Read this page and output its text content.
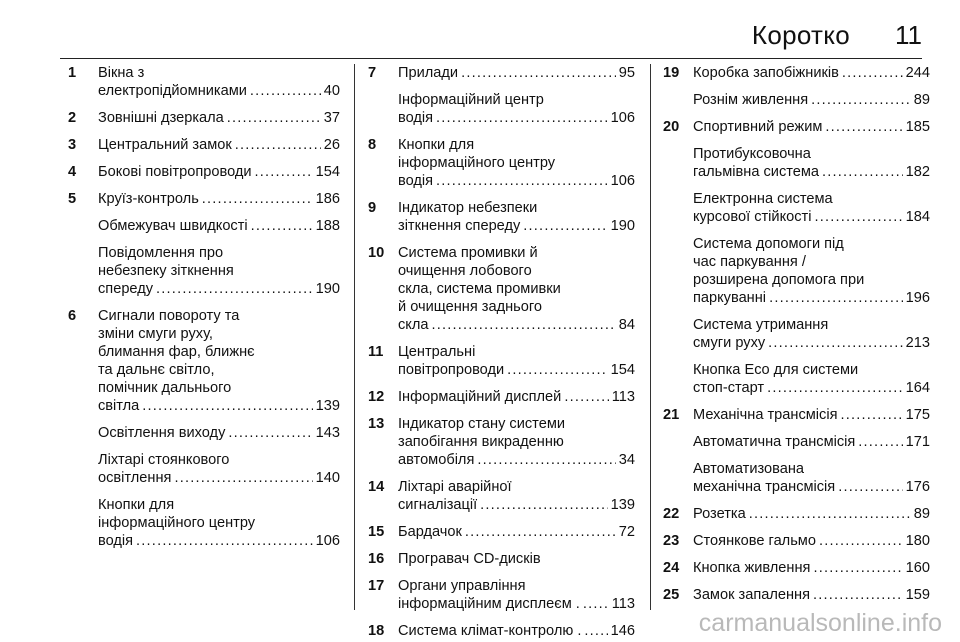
Коротко 11
1	Вікна з
електропідйомниками .....	40
2	Зовнішні дзеркала .....	37
3	Центральний замок .....	26
4	Бокові повітропроводи .....	154
5	Круїз-контроль .....	186
Обмежувач швидкості .....	188
Повідомлення про
небезпеку зіткнення
спереду .....	190
6	Сигнали повороту та
зміни смуги руху,
блимання фар, ближнє
та дальнє світло,
помічник дальнього
світла .....	139
Освітлення виходу .....	143
Ліхтарі стоянкового
освітлення .....	140
Кнопки для
інформаційного центру
водія .....	106
7	Прилади .....	95
Інформаційний центр
водія .....	106
8	Кнопки для
інформаційного центру
водія .....	106
9	Індикатор небезпеки
зіткнення спереду .....	190
10 Система промивки й
очищення лобового
скла, система промивки
й очищення заднього
скла .....	84
11 Центральні
повітропроводи .....	154
12 Інформаційний дисплей .....	113
13 Індикатор стану системи
запобігання викраденню
автомобіля .....	34
14 Ліхтарі аварійної
сигналізації .....	139
15 Бардачок .....	72
16 Програвач CD-дисків
17 Органи управління
інформаційним дисплеєм . ..... 113
18 Система клімат-контролю . ..... 146
19 Коробка запобіжників .....	244
Рознім живлення .....	89
20 Спортивний режим .....	185
Протибуксовочна
гальмівна система .....	182
Електронна система
курсової стійкості .....	184
Система допомоги під
час паркування /
розширена допомога при
паркуванні .....	196
Система утримання
смуги руху .....	213
Кнопка Eco для системи
стоп-старт .....	164
21 Механічна трансмісія .....	175
Автоматична трансмісія .....	171
Автоматизована
механічна трансмісія .....	176
22 Розетка .....	89
23 Стоянкове гальмо .....	180
24 Кнопка живлення .....	160
25 Замок запалення .....	159
carmanualsonline.info
